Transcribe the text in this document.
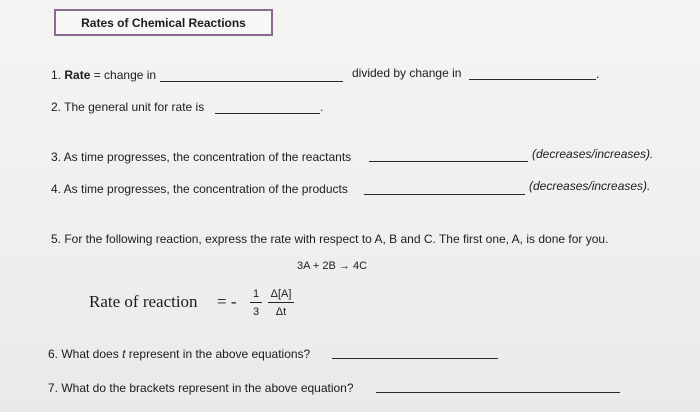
Rates of Chemical Reactions
1. Rate = change in	divided by change in	.
2. The general unit for rate is	.
3. As time progresses, the concentration of the reactants	(decreases/increases).
4. As time progresses, the concentration of the products	(decreases/increases).
5. For the following reaction, express the rate with respect to A, B and C. The first one, A, is done for you.
3A + 2B → 4C
Rate of reaction = - 1
3
Δ[A]
Δt
6. What does t represent in the above equations?
7. What do the brackets represent in the above equation?
